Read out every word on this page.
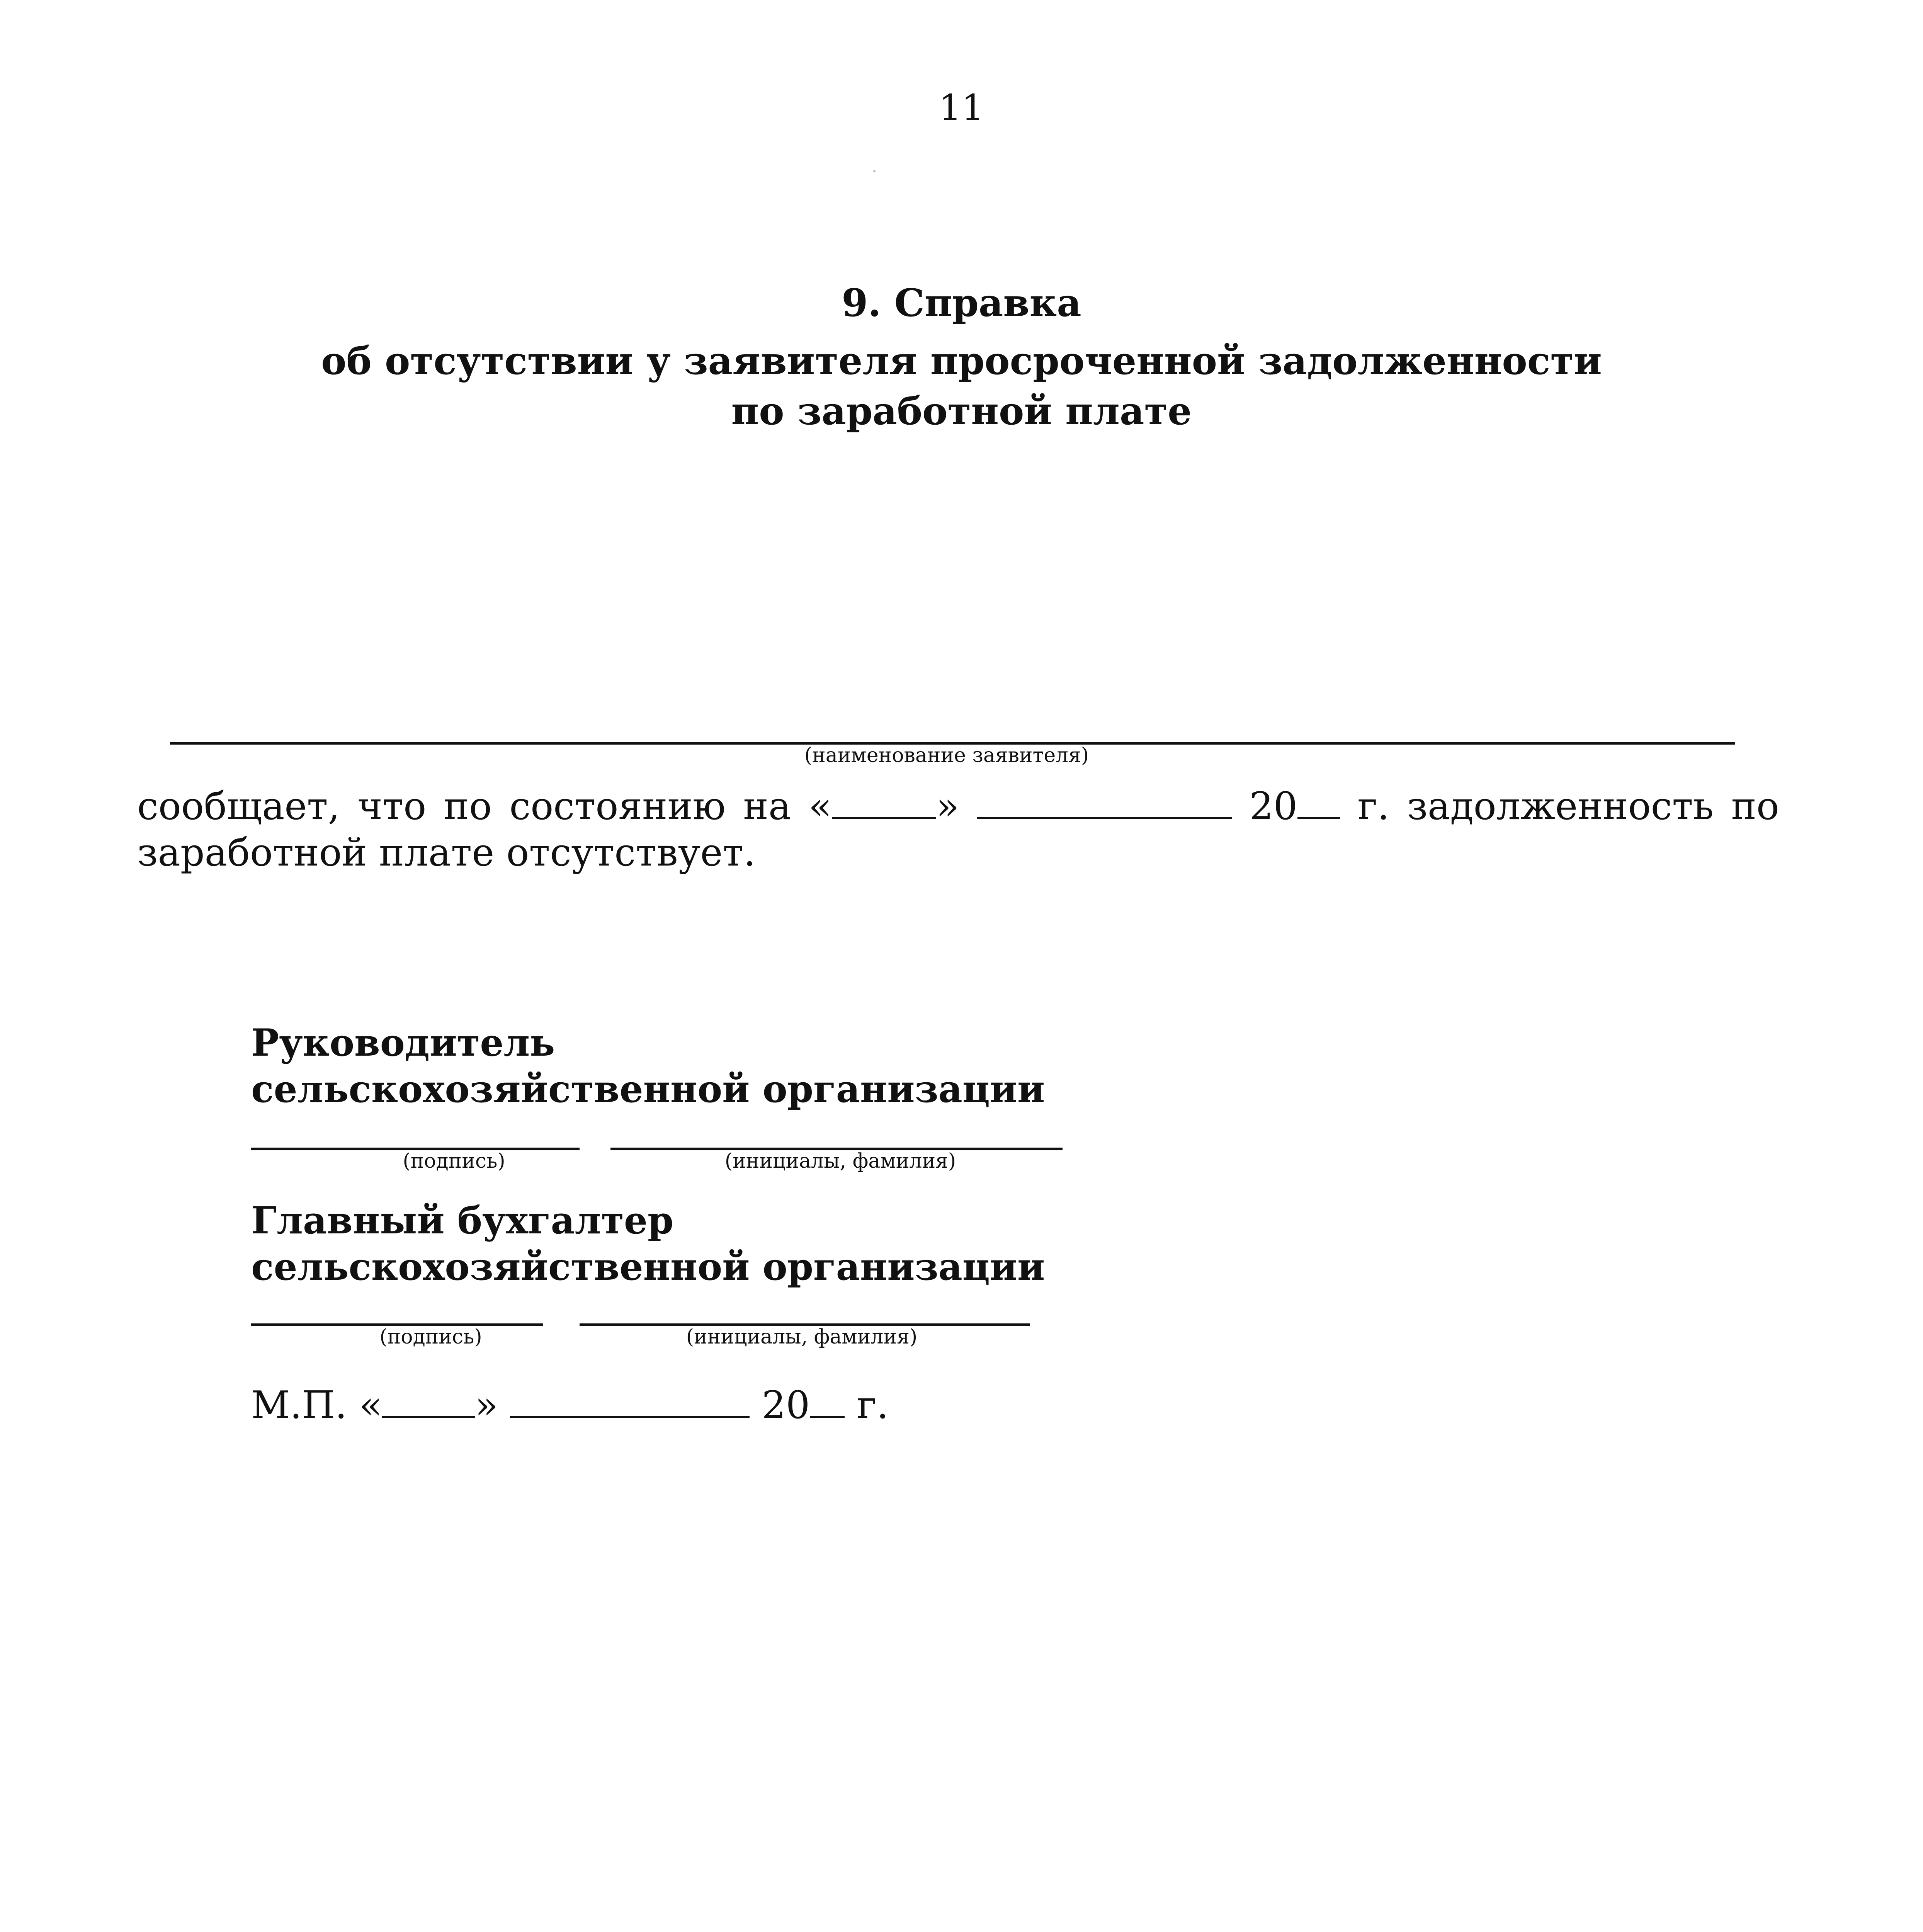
11
9. Справка
об отсутствии у заявителя просроченной задолженности
по заработной плате
(наименование заявителя)
сообщает, что по состоянию на «	»	20	г. задолженность по
заработной плате отсутствует.
Руководитель
сельскохозяйственной организации
(подпись)	(инициалы, фамилия)
Главный бухгалтер
сельскохозяйственной организации
(подпись)	(инициалы, фамилия)
М.П. « »	20 г.
